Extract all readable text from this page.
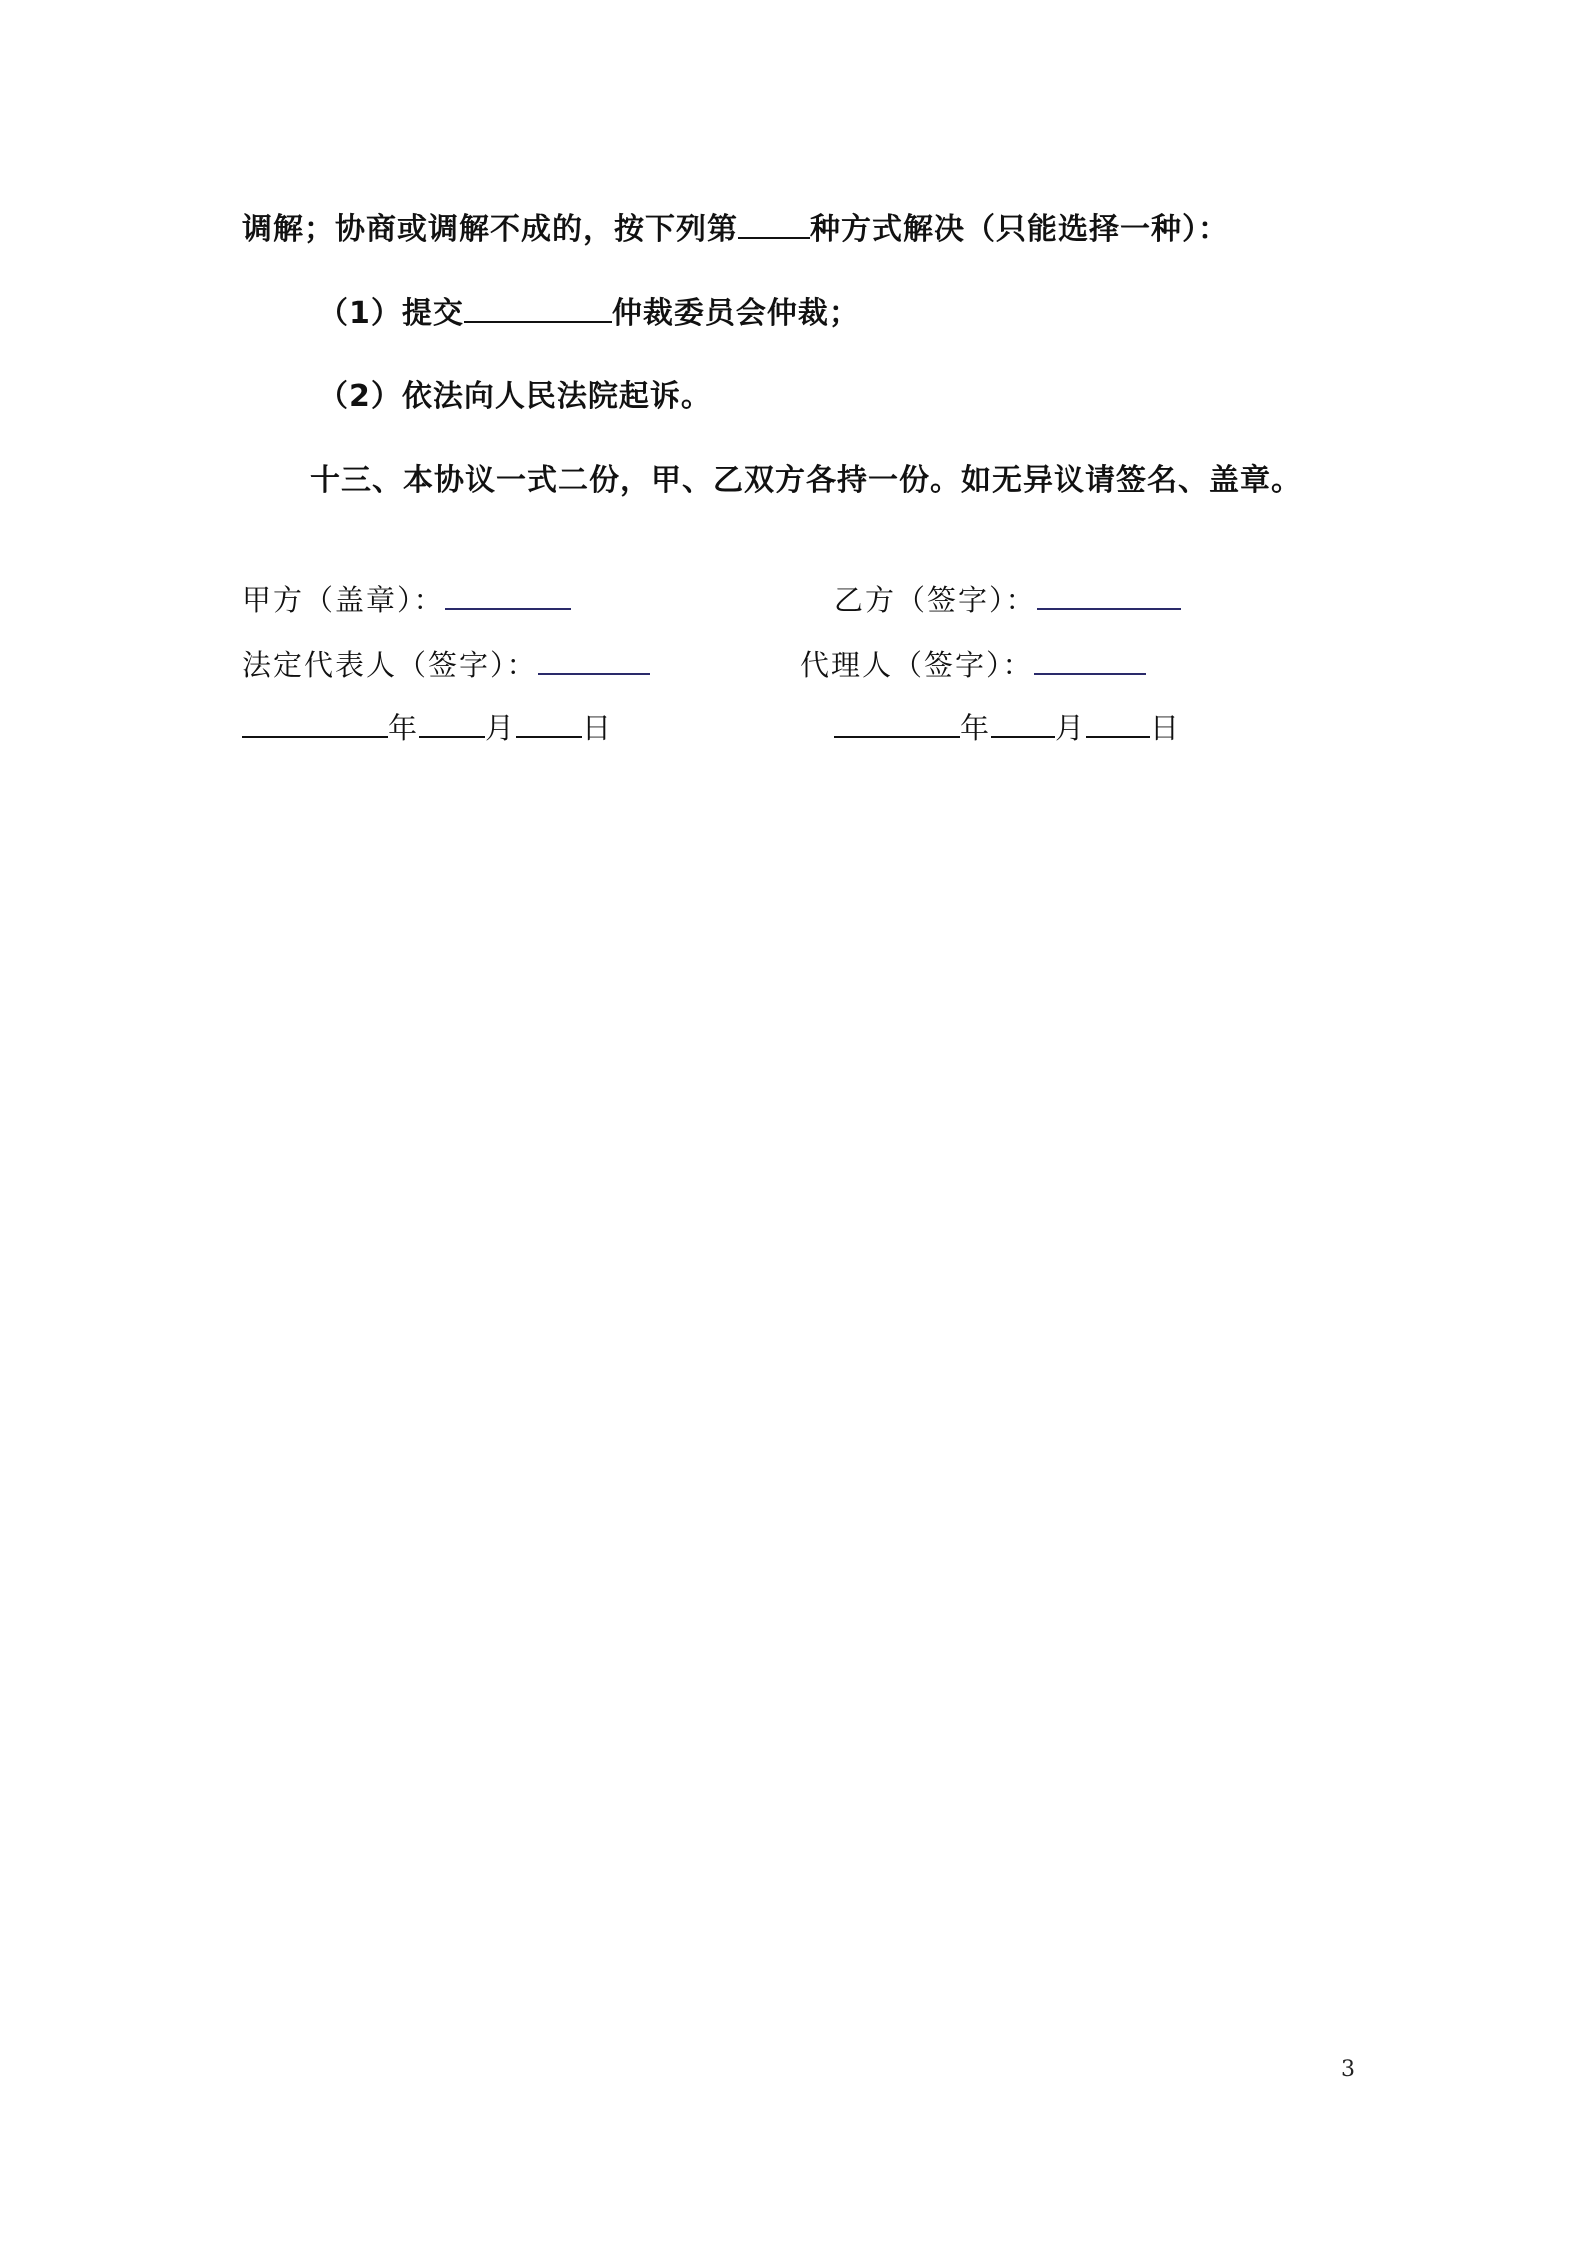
调解；协商或调解不成的，按下列第 种方式解决（只能选择一种）：
（1）提交	仲裁委员会仲裁；
（2）依法向人民法院起诉。
十三、本协议一式二份，甲、乙双方各持一份。如无异议请签名、盖章。
甲方（盖章）：	乙方（签字）：
法定代表人（签字）：	代理人（签字）：
年 月 日	年 月 日
3
